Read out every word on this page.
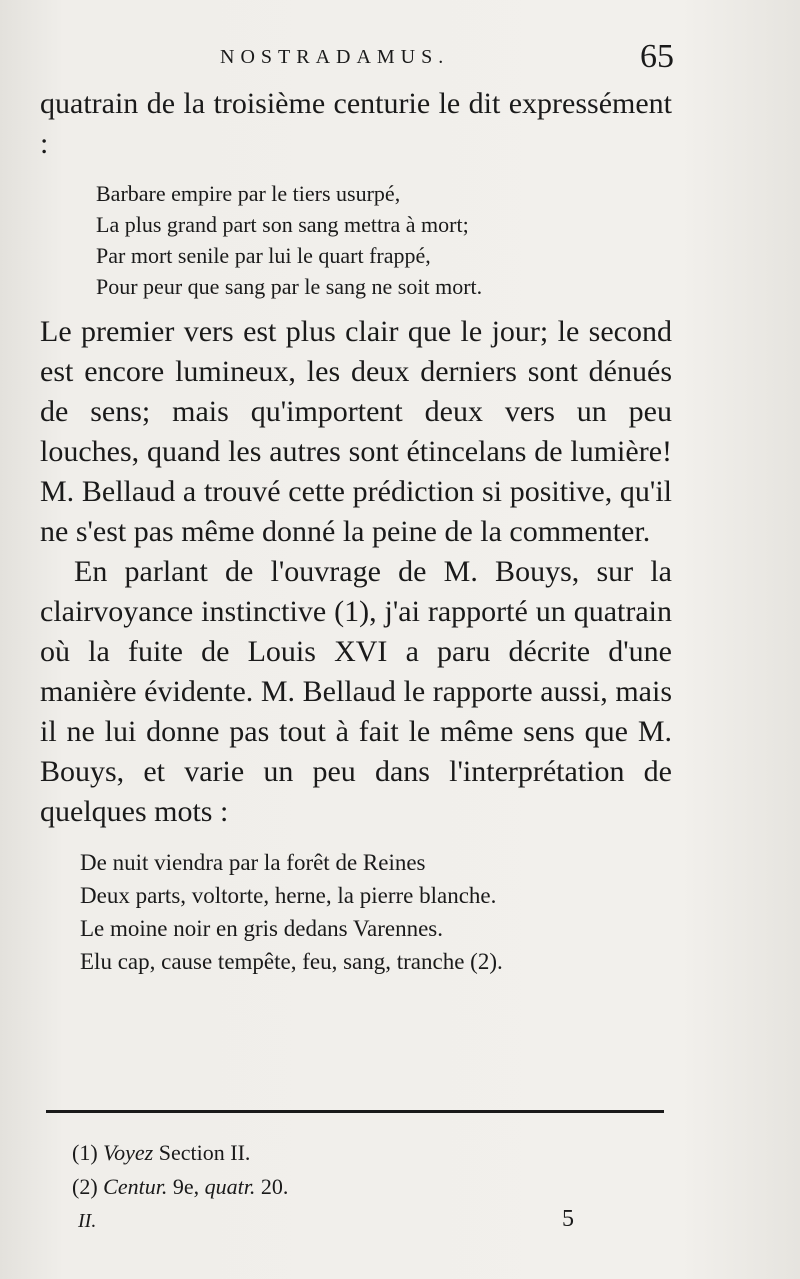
NOSTRADAMUS.	65

quatrain de la troisième centurie le dit expressément :

Barbare empire par le tiers usurpé,

La plus grand part son sang mettra à mort;

Par mort senile par lui le quart frappé,

Pour peur que sang par le sang ne soit mort.

Le premier vers est plus clair que le jour; le second est encore lumineux, les deux derniers sont dénués de sens; mais qu'importent deux vers un peu louches, quand les autres sont étincelans de lumière! M. Bellaud a trouvé cette prédiction si positive, qu'il ne s'est pas même donné la peine de la commenter.

En parlant de l'ouvrage de M. Bouys, sur la clairvoyance instinctive (1), j'ai rapporté un quatrain où la fuite de Louis XVI a paru décrite d'une manière évidente. M. Bellaud le rapporte aussi, mais il ne lui donne pas tout à fait le même sens que M. Bouys, et varie un peu dans l'interprétation de quelques mots :

De nuit viendra par la forêt de Reines

Deux parts, voltorte, herne, la pierre blanche.

Le moine noir en gris dedans Varennes.

Elu cap, cause tempête, feu, sang, tranche (2).

(1) Voyez Section II.

(2) Centur. 9e, quatr. 20.

II.	5
